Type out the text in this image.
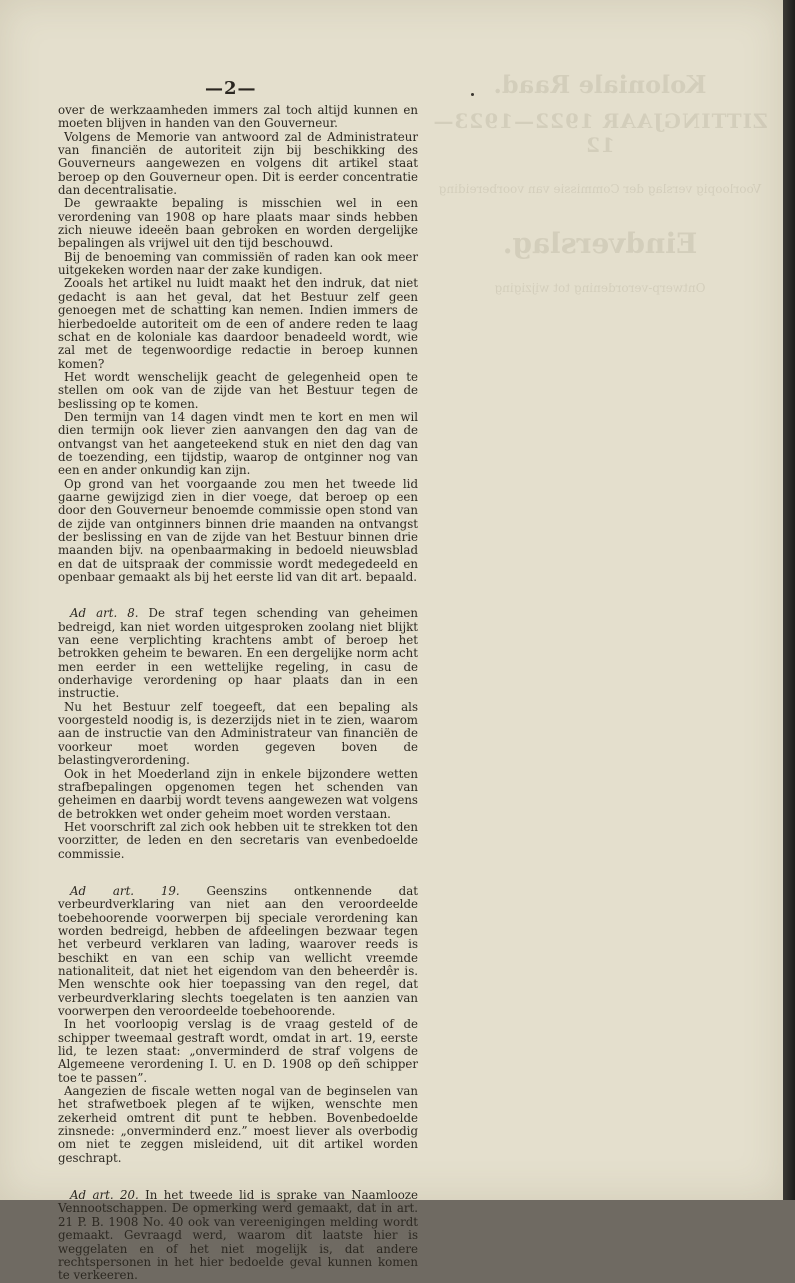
Koloniale Raad.
ZITTINGJAAR 1922—1923—12
Voorloopig verslag der Commissie van voorbereiding
Eindverslag.
Ontwerp-verordening tot wijziging
—2—

over de werkzaamheden immers zal toch altijd kunnen en moeten blijven in handen van den Gouverneur.

Volgens de Memorie van antwoord zal de Administrateur van financiën de autoriteit zijn bij beschikking des Gouverneurs aangewezen en volgens dit artikel staat beroep op den Gouverneur open. Dit is eerder concentratie dan decentralisatie.

De gewraakte bepaling is misschien wel in een verordening van 1908 op hare plaats maar sinds hebben zich nieuwe ideeën baan gebroken en worden dergelijke bepalingen als vrijwel uit den tijd beschouwd.

Bij de benoeming van commissiën of raden kan ook meer uitgekeken worden naar der zake kundigen.

Zooals het artikel nu luidt maakt het den indruk, dat niet gedacht is aan het geval, dat het Bestuur zelf geen genoegen met de schatting kan nemen. Indien immers de hierbedoelde autoriteit om de een of andere reden te laag schat en de koloniale kas daardoor benadeeld wordt, wie zal met de tegenwoordige redactie in beroep kunnen komen?

Het wordt wenschelijk geacht de gelegenheid open te stellen om ook van de zijde van het Bestuur tegen de beslissing op te komen.

Den termijn van 14 dagen vindt men te kort en men wil dien termijn ook liever zien aanvangen den dag van de ontvangst van het aangeteekend stuk en niet den dag van de toezending, een tijdstip, waarop de ontginner nog van een en ander onkundig kan zijn.

Op grond van het voorgaande zou men het tweede lid gaarne gewijzigd zien in dier voege, dat beroep op een door den Gouverneur benoemde commissie open stond van de zijde van ontginners binnen drie maanden na ontvangst der beslissing en van de zijde van het Bestuur binnen drie maanden bijv. na openbaarmaking in bedoeld nieuwsblad en dat de uitspraak der commissie wordt medegedeeld en openbaar gemaakt als bij het eerste lid van dit art. bepaald.

Ad art. 8. De straf tegen schending van geheimen bedreigd, kan niet worden uitgesproken zoolang niet blijkt van eene verplichting krachtens ambt of beroep het betrokken geheim te bewaren. En een dergelijke norm acht men eerder in een wettelijke regeling, in casu de onderhavige verordening op haar plaats dan in een instructie.

Nu het Bestuur zelf toegeeft, dat een bepaling als voorgesteld noodig is, is dezerzijds niet in te zien, waarom aan de instructie van den Administrateur van financiën de voorkeur moet worden gegeven boven de belastingverordening.

Ook in het Moederland zijn in enkele bijzondere wetten strafbepalingen opgenomen tegen het schenden van geheimen en daarbij wordt tevens aangewezen wat volgens de betrokken wet onder geheim moet worden verstaan.

Het voorschrift zal zich ook hebben uit te strekken tot den voorzitter, de leden en den secretaris van evenbedoelde commissie.

Ad art. 19. Geenszins ontkennende dat verbeurdverklaring van niet aan den veroordeelde toebehoorende voorwerpen bij speciale verordening kan worden bedreigd, hebben de afdeelingen bezwaar tegen het verbeurd verklaren van lading, waarover reeds is beschikt en van een schip van wellicht vreemde nationaliteit, dat niet het eigendom van den beheerdêr is. Men wenschte ook hier toepassing van den regel, dat verbeurdverklaring slechts toegelaten is ten aanzien van voorwerpen den veroordeelde toebehoorende.

In het voorloopig verslag is de vraag gesteld of de schipper tweemaal gestraft wordt, omdat in art. 19, eerste lid, te lezen staat: „onverminderd de straf volgens de Algemeene verordening I. U. en D. 1908 op deñ schipper toe te passen”.

Aangezien de fiscale wetten nogal van de beginselen van het strafwetboek plegen af te wijken, wenschte men zekerheid omtrent dit punt te hebben. Bovenbedoelde zinsnede: „onverminderd enz.” moest liever als overbodig om niet te zeggen misleidend, uit dit artikel worden geschrapt.

Ad art. 20. In het tweede lid is sprake van Naamlooze Vennootschappen. De opmerking werd gemaakt, dat in art. 21 P. B. 1908 No. 40 ook van vereenigingen melding wordt gemaakt. Gevraagd werd, waarom dit laatste hier is weggelaten en of het niet mogelijk is, dat andere rechtspersonen in het hier bedoelde geval kunnen komen te verkeeren.
